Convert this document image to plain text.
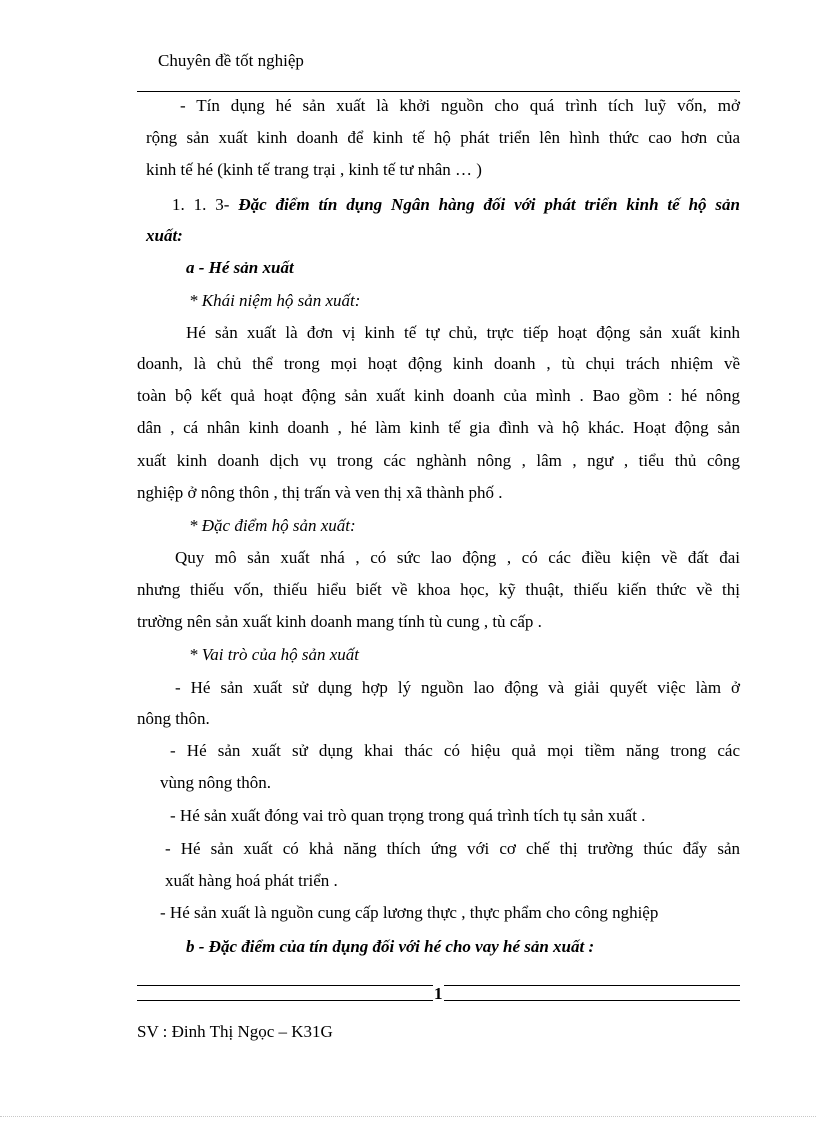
Chuyên đề tốt nghiệp
- Tín dụng hé sản xuất là khởi nguồn cho quá trình tích luỹ vốn, mở
rộng sản xuất kinh doanh để kinh tế hộ phát triển lên hình thức cao hơn của
kinh tế hé (kinh tế trang trại , kinh tế tư nhân … )
1. 1. 3- Đặc điểm tín dụng Ngân hàng đối với phát triển kinh tế hộ sản
xuất:
a - Hé sản xuất
* Khái niệm hộ sản xuất:
Hé sản xuất là đơn vị kinh tế tự chủ, trực tiếp hoạt động sản xuất kinh
doanh, là chủ thể trong mọi hoạt động kinh doanh , tù chụi trách nhiệm về
toàn bộ kết quả hoạt động sản xuất kinh doanh của mình . Bao gồm : hé nông
dân , cá nhân kinh doanh , hé làm kinh tế gia đình và hộ khác. Hoạt động sản
xuất kinh doanh dịch vụ trong các nghành nông , lâm , ngư , tiểu thủ công
nghiệp ở nông thôn , thị trấn và ven thị xã thành phố .
* Đặc điểm hộ sản xuất:
Quy mô sản xuất nhá , có sức lao động , có các điều kiện về đất đai
nhưng thiếu vốn, thiếu hiểu biết về khoa học, kỹ thuật, thiếu kiến thức về thị
trường nên sản xuất kinh doanh mang tính tù cung , tù cấp .
* Vai trò của hộ sản xuất
- Hé sản xuất sử dụng hợp lý nguồn lao động và giải quyết việc làm ở
nông thôn.
- Hé sản xuất sử dụng khai thác có hiệu quả mọi tiềm năng trong các
vùng nông thôn.
- Hé sản xuất đóng vai trò quan trọng trong quá trình tích tụ sản xuất .
- Hé sản xuất có khả năng thích ứng với cơ chế thị trường thúc đẩy sản
xuất hàng hoá phát triển .
- Hé sản xuất là nguồn cung cấp lương thực , thực phẩm cho công nghiệp
b - Đặc điểm của tín dụng đối với hé cho vay hé sản xuất :
1
SV : Đinh Thị Ngọc – K31G
